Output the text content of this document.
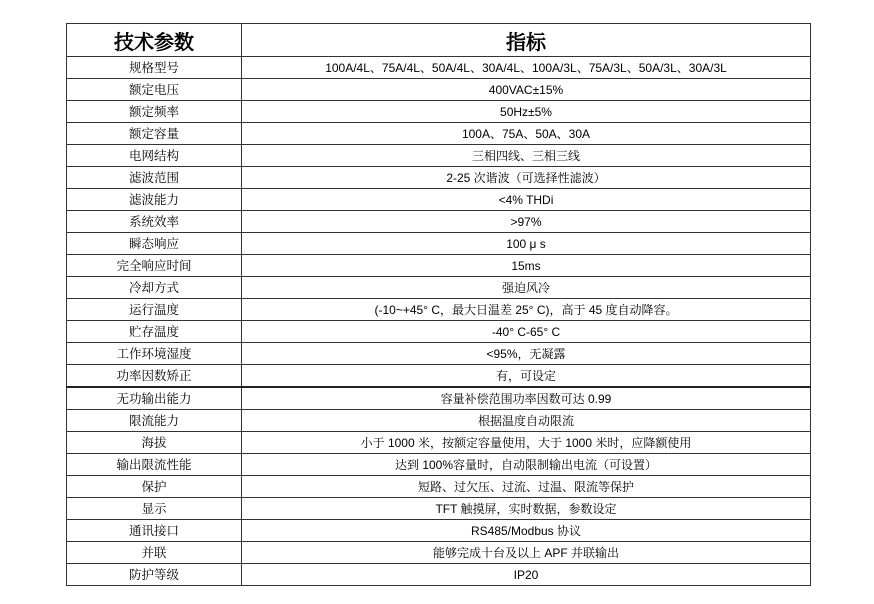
技术参数	指标
规格型号	100A/4L、75A/4L、50A/4L、30A/4L、100A/3L、75A/3L、50A/3L、30A/3L
额定电压	400VAC±15%
额定频率	50Hz±5%
额定容量	100A、75A、50A、30A
电网结构	三相四线、三相三线
滤波范围	2-25 次谐波（可选择性滤波）
滤波能力	<4% THDi
系统效率	>97%
瞬态响应	100 μ s
完全响应时间	15ms
冷却方式	强迫风冷
运行温度	(-10~+45° C，最大日温差 25° C)，高于 45 度自动降容。
贮存温度	-40° C-65° C
工作环境湿度	<95%，无凝露
功率因数矫正	有，可设定
无功输出能力	容量补偿范围功率因数可达 0.99
限流能力	根据温度自动限流
海拔	小于 1000 米，按额定容量使用，大于 1000 米时，应降额使用
输出限流性能	达到 100%容量时，自动限制输出电流（可设置）
保护	短路、过欠压、过流、过温、限流等保护
显示	TFT 触摸屏，实时数据，参数设定
通讯接口	RS485/Modbus 协议
并联	能够完成十台及以上 APF 并联输出
防护等级	IP20
